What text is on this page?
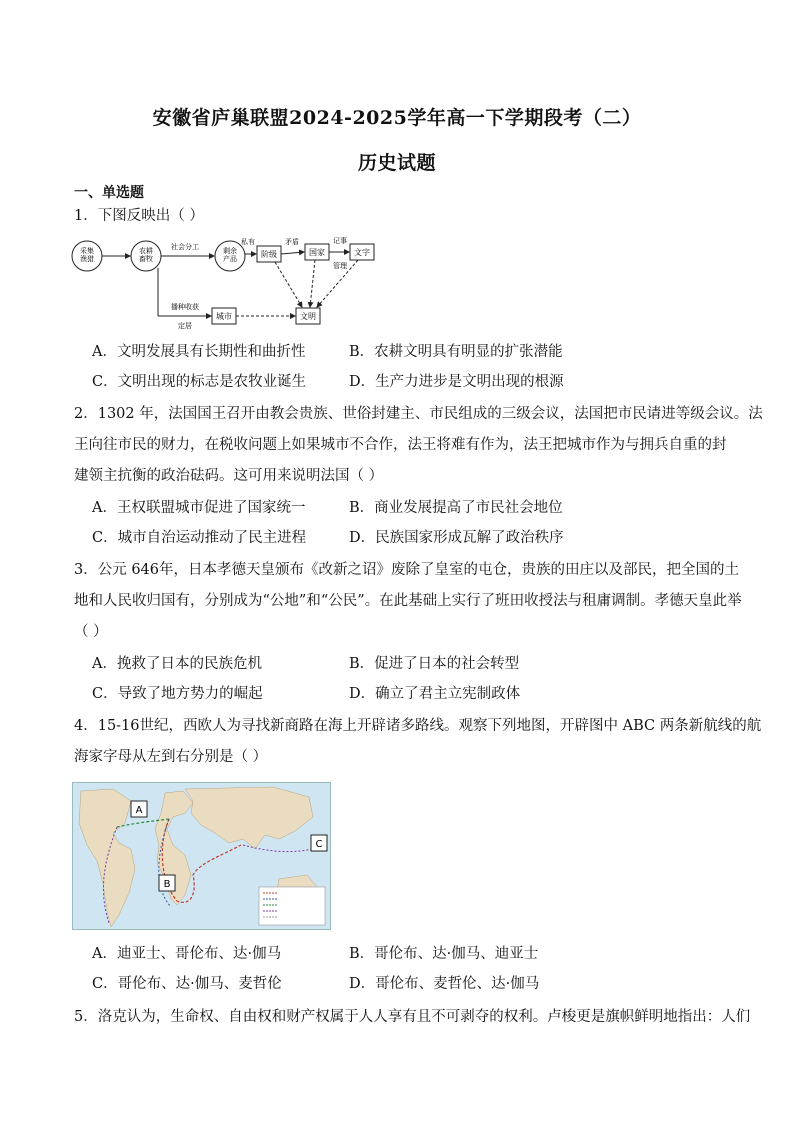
安徽省庐巢联盟2024-2025学年高一下学期段考（二）
历史试题
一、单选题
1．下图反映出（ ）
采集渔猎
农耕畜牧
剩余产品	阶级	国家	文字
城市	文明
社会分工
私有	矛盾	记事
管理
播种收获
定居
A．文明发展具有长期性和曲折性	B．农耕文明具有明显的扩张潜能
C．文明出现的标志是农牧业诞生	D．生产力进步是文明出现的根源
2．1302 年，法国国王召开由教会贵族、世俗封建主、市民组成的三级会议，法国把市民请进等级会议。法
王向往市民的财力，在税收问题上如果城市不合作，法王将难有作为，法王把城市作为与拥兵自重的封
建领主抗衡的政治砝码。这可用来说明法国（ ）
A．王权联盟城市促进了国家统一	B．商业发展提高了市民社会地位
C．城市自治运动推动了民主进程	D．民族国家形成瓦解了政治秩序
3．公元 646年，日本孝德天皇颁布《改新之诏》废除了皇室的屯仓，贵族的田庄以及部民，把全国的土
地和人民收归国有，分别成为“公地”和“公民”。在此基础上实行了班田收授法与租庸调制。孝德天皇此举
（ ）
A．挽救了日本的民族危机	B．促进了日本的社会转型
C．导致了地方势力的崛起	D．确立了君主立宪制政体
4．15-16世纪，西欧人为寻找新商路在海上开辟诸多路线。观察下列地图，开辟图中 ABC 两条新航线的航
海家字母从左到右分别是（ ）
A
B
C
A．迪亚士、哥伦布、达·伽马	B．哥伦布、达·伽马、迪亚士
C．哥伦布、达·伽马、麦哲伦	D．哥伦布、麦哲伦、达·伽马
5．洛克认为，生命权、自由权和财产权属于人人享有且不可剥夺的权利。卢梭更是旗帜鲜明地指出：人们
